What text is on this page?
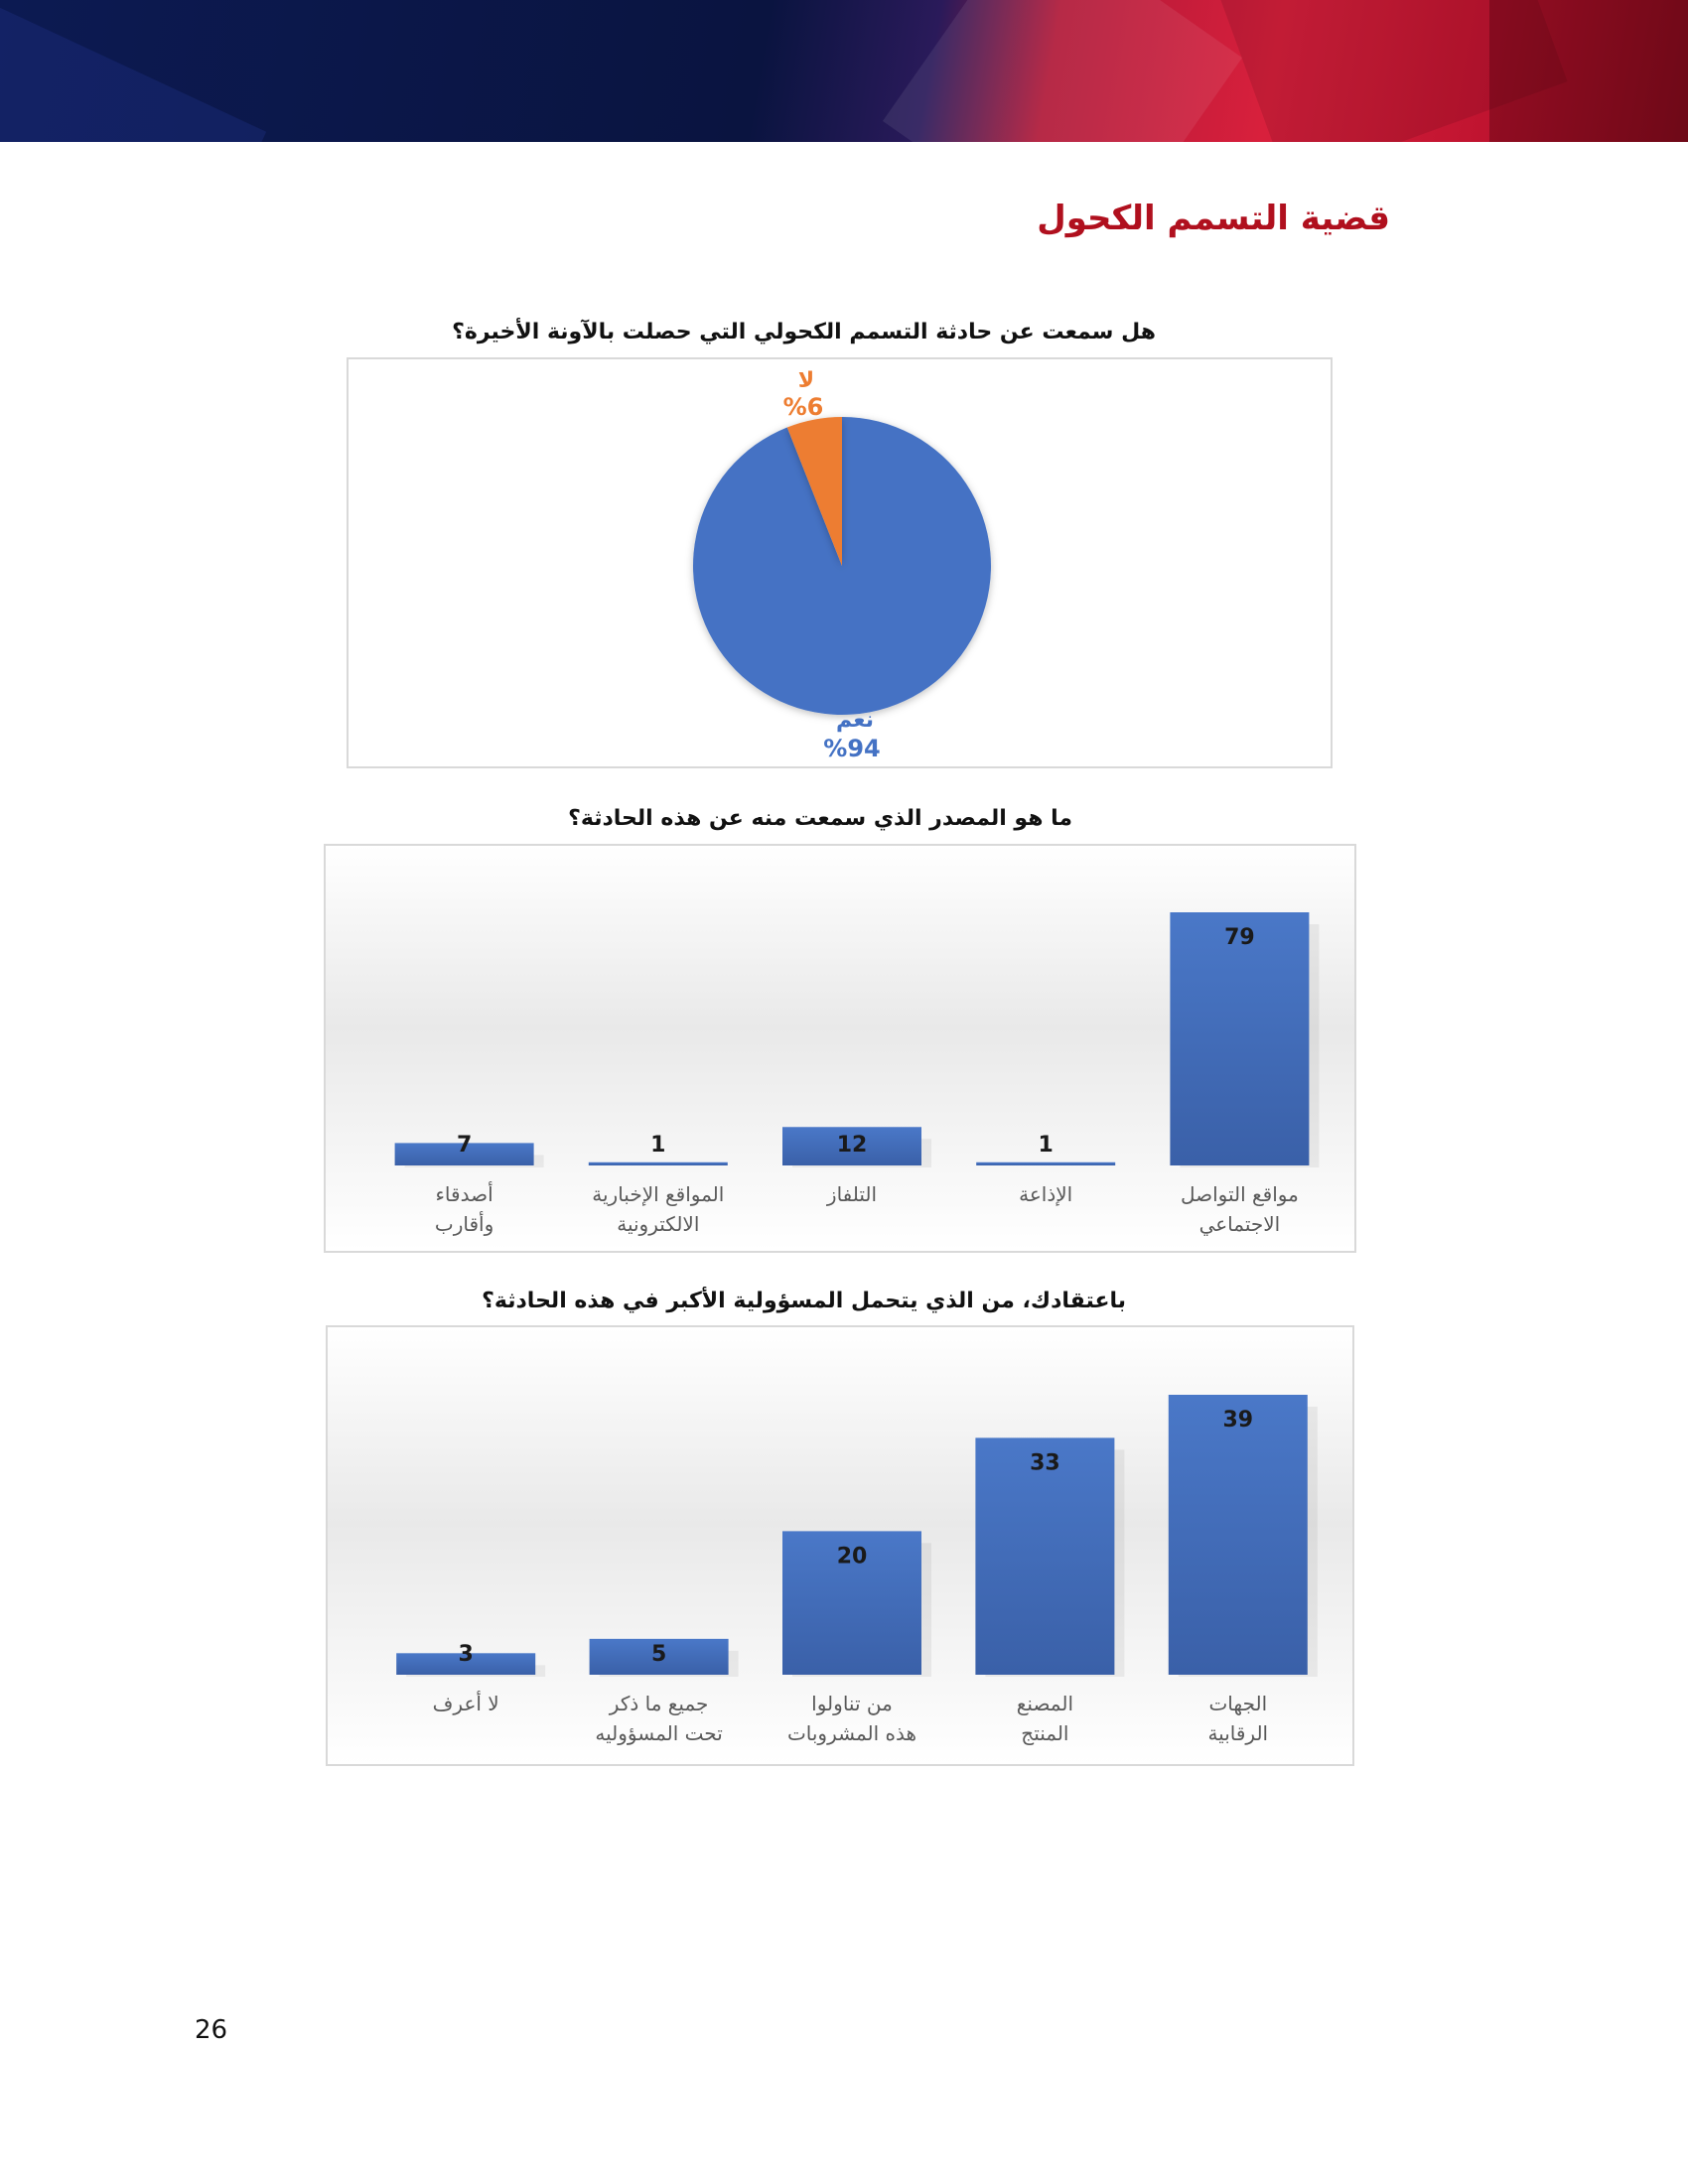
قضية التسمم الكحول
هل سمعت عن حادثة التسمم الكحولي التي حصلت بالآونة الأخيرة؟
نعم
%94
لا
%6
ما هو المصدر الذي سمعت منه عن هذه الحادثة؟
79
مواقع التواصل
الاجتماعي
1
الإذاعة
12
التلفاز
1
المواقع الإخبارية
الالكترونية
7
أصدقاء
وأقارب
باعتقادك، من الذي يتحمل المسؤولية الأكبر في هذه الحادثة؟
39
الجهات
الرقابية
33
المصنع
المنتج
20
من تناولوا
هذه المشروبات
5
جميع ما ذكر
تحت المسؤوليه
3
لا أعرف
26
